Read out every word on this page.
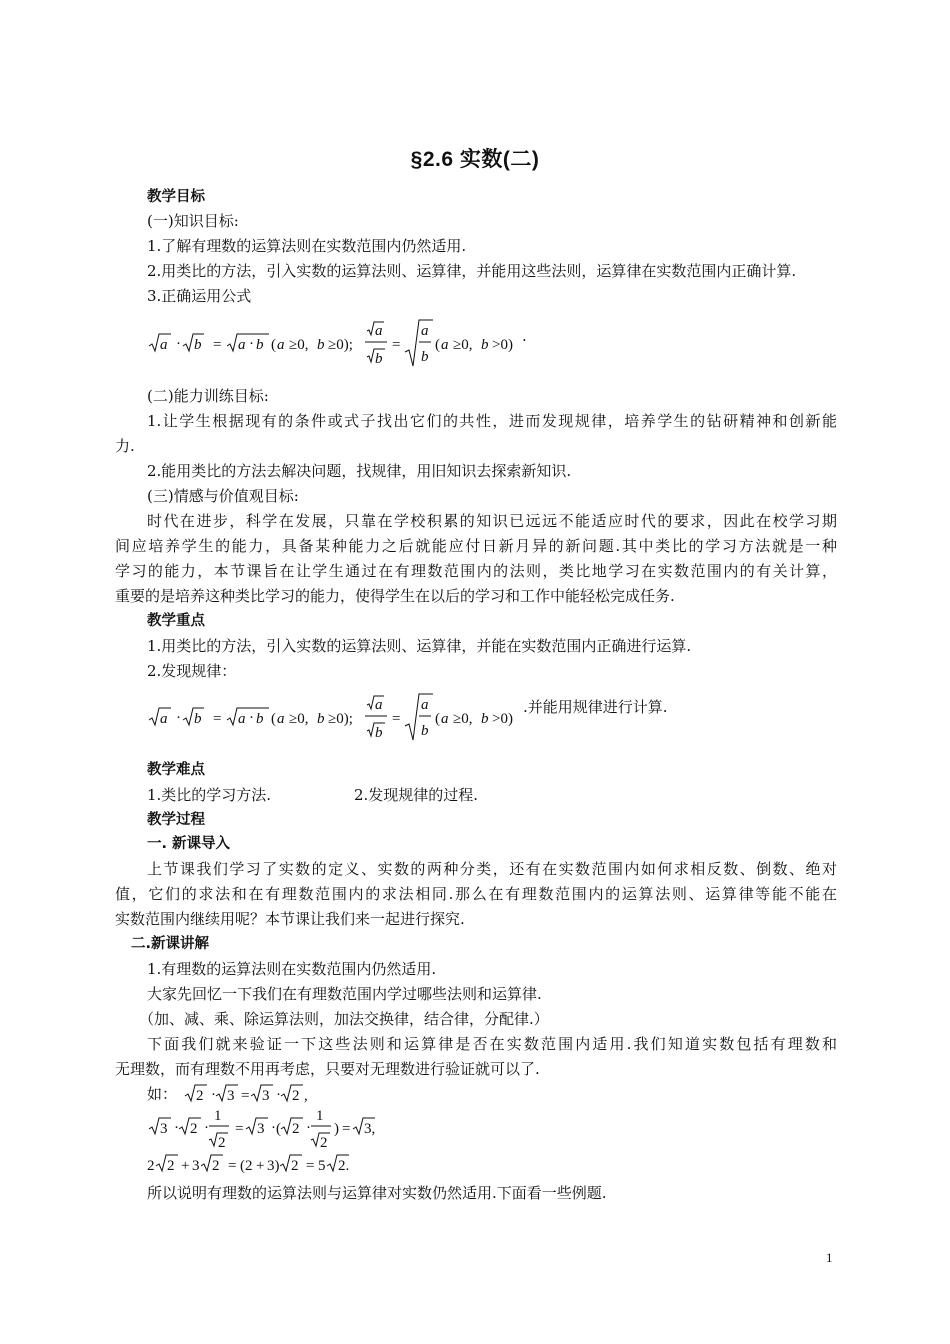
§2.6 实数(二)
教学目标
(一)知识目标:
1.了解有理数的运算法则在实数范围内仍然适用.
2.用类比的方法，引入实数的运算法则、运算律，并能用这些法则，运算律在实数范围内正确计算.
3.正确运用公式
a · b = a · b ( a ≥0, b ≥0);
a
b
=
a
b
( a ≥0, b >0) .
(二)能力训练目标:
1.让学生根据现有的条件或式子找出它们的共性，进而发现规律，培养学生的钻研精神和创新能
力.
2.能用类比的方法去解决问题，找规律，用旧知识去探索新知识.
(三)情感与价值观目标:
时代在进步，科学在发展，只靠在学校积累的知识已远远不能适应时代的要求，因此在校学习期
间应培养学生的能力，具备某种能力之后就能应付日新月异的新问题.其中类比的学习方法就是一种
学习的能力，本节课旨在让学生通过在有理数范围内的法则，类比地学习在实数范围内的有关计算，
重要的是培养这种类比学习的能力，使得学生在以后的学习和工作中能轻松完成任务.
教学重点
1.用类比的方法，引入实数的运算法则、运算律，并能在实数范围内正确进行运算.
2.发现规律：
a · b = a · b ( a ≥0, b ≥0);
a
b
=
a
b
( a ≥0, b >0)
.并能用规律进行计算.
教学难点
1.类比的学习方法.	2.发现规律的过程.
教学过程
一. 新课导入
上节课我们学习了实数的定义、实数的两种分类，还有在实数范围内如何求相反数、倒数、绝对
值，它们的求法和在有理数范围内的求法相同.那么在有理数范围内的运算法则、运算律等能不能在
实数范围内继续用呢？本节课让我们来一起进行探究.
二.新课讲解
1.有理数的运算法则在实数范围内仍然适用.
大家先回忆一下我们在有理数范围内学过哪些法则和运算律.
（加、减、乘、除运算法则，加法交换律，结合律，分配律.）
下面我们就来验证一下这些法则和运算律是否在实数范围内适用.我们知道实数包括有理数和
无理数，而有理数不用再考虑，只要对无理数进行验证就可以了.
如： 2 · 3 = 3 · 2 ,
3 · 2 ·
1
2
= 3 · ( 2 ·
1
2
) = 3,
2 2 + 3 2 = (2 + 3) 2 = 5 2.
所以说明有理数的运算法则与运算律对实数仍然适用.下面看一些例题.
1
